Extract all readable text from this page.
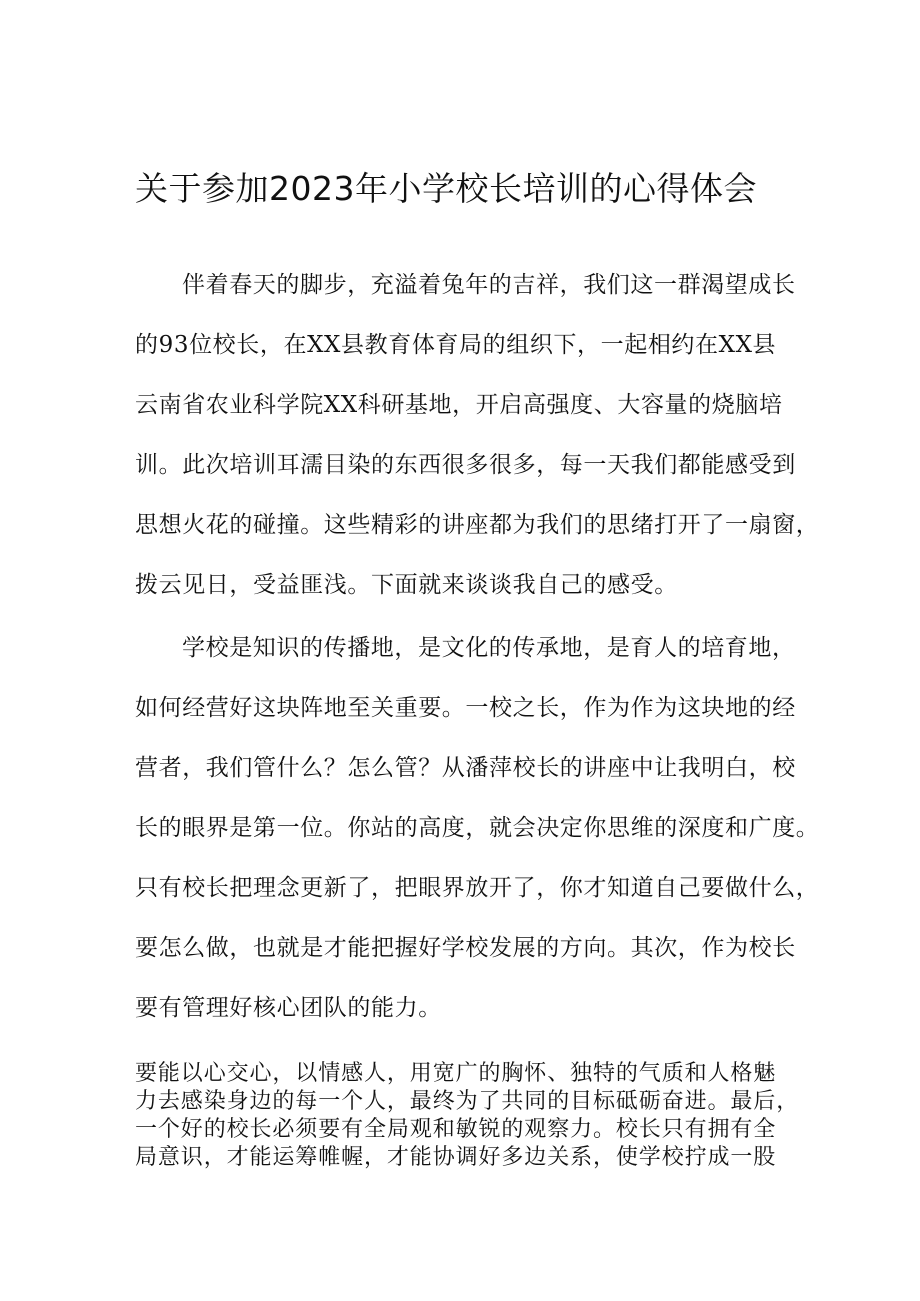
关于参加2023年小学校长培训的心得体会
伴着春天的脚步，充溢着兔年的吉祥，我们这一群渴望成长
的93位校长，在XX县教育体育局的组织下，一起相约在XX县
云南省农业科学院XX科研基地，开启高强度、大容量的烧脑培
训。此次培训耳濡目染的东西很多很多，每一天我们都能感受到
思想火花的碰撞。这些精彩的讲座都为我们的思绪打开了一扇窗，
拨云见日，受益匪浅。下面就来谈谈我自己的感受。
学校是知识的传播地，是文化的传承地，是育人的培育地，
如何经营好这块阵地至关重要。一校之长，作为作为这块地的经
营者，我们管什么？怎么管？从潘萍校长的讲座中让我明白，校
长的眼界是第一位。你站的高度，就会决定你思维的深度和广度。
只有校长把理念更新了，把眼界放开了，你才知道自己要做什么，
要怎么做，也就是才能把握好学校发展的方向。其次，作为校长
要有管理好核心团队的能力。
要能以心交心，以情感人，用宽广的胸怀、独特的气质和人格魅
力去感染身边的每一个人，最终为了共同的目标砥砺奋进。最后，
一个好的校长必须要有全局观和敏锐的观察力。校长只有拥有全
局意识，才能运筹帷幄，才能协调好多边关系，使学校拧成一股
